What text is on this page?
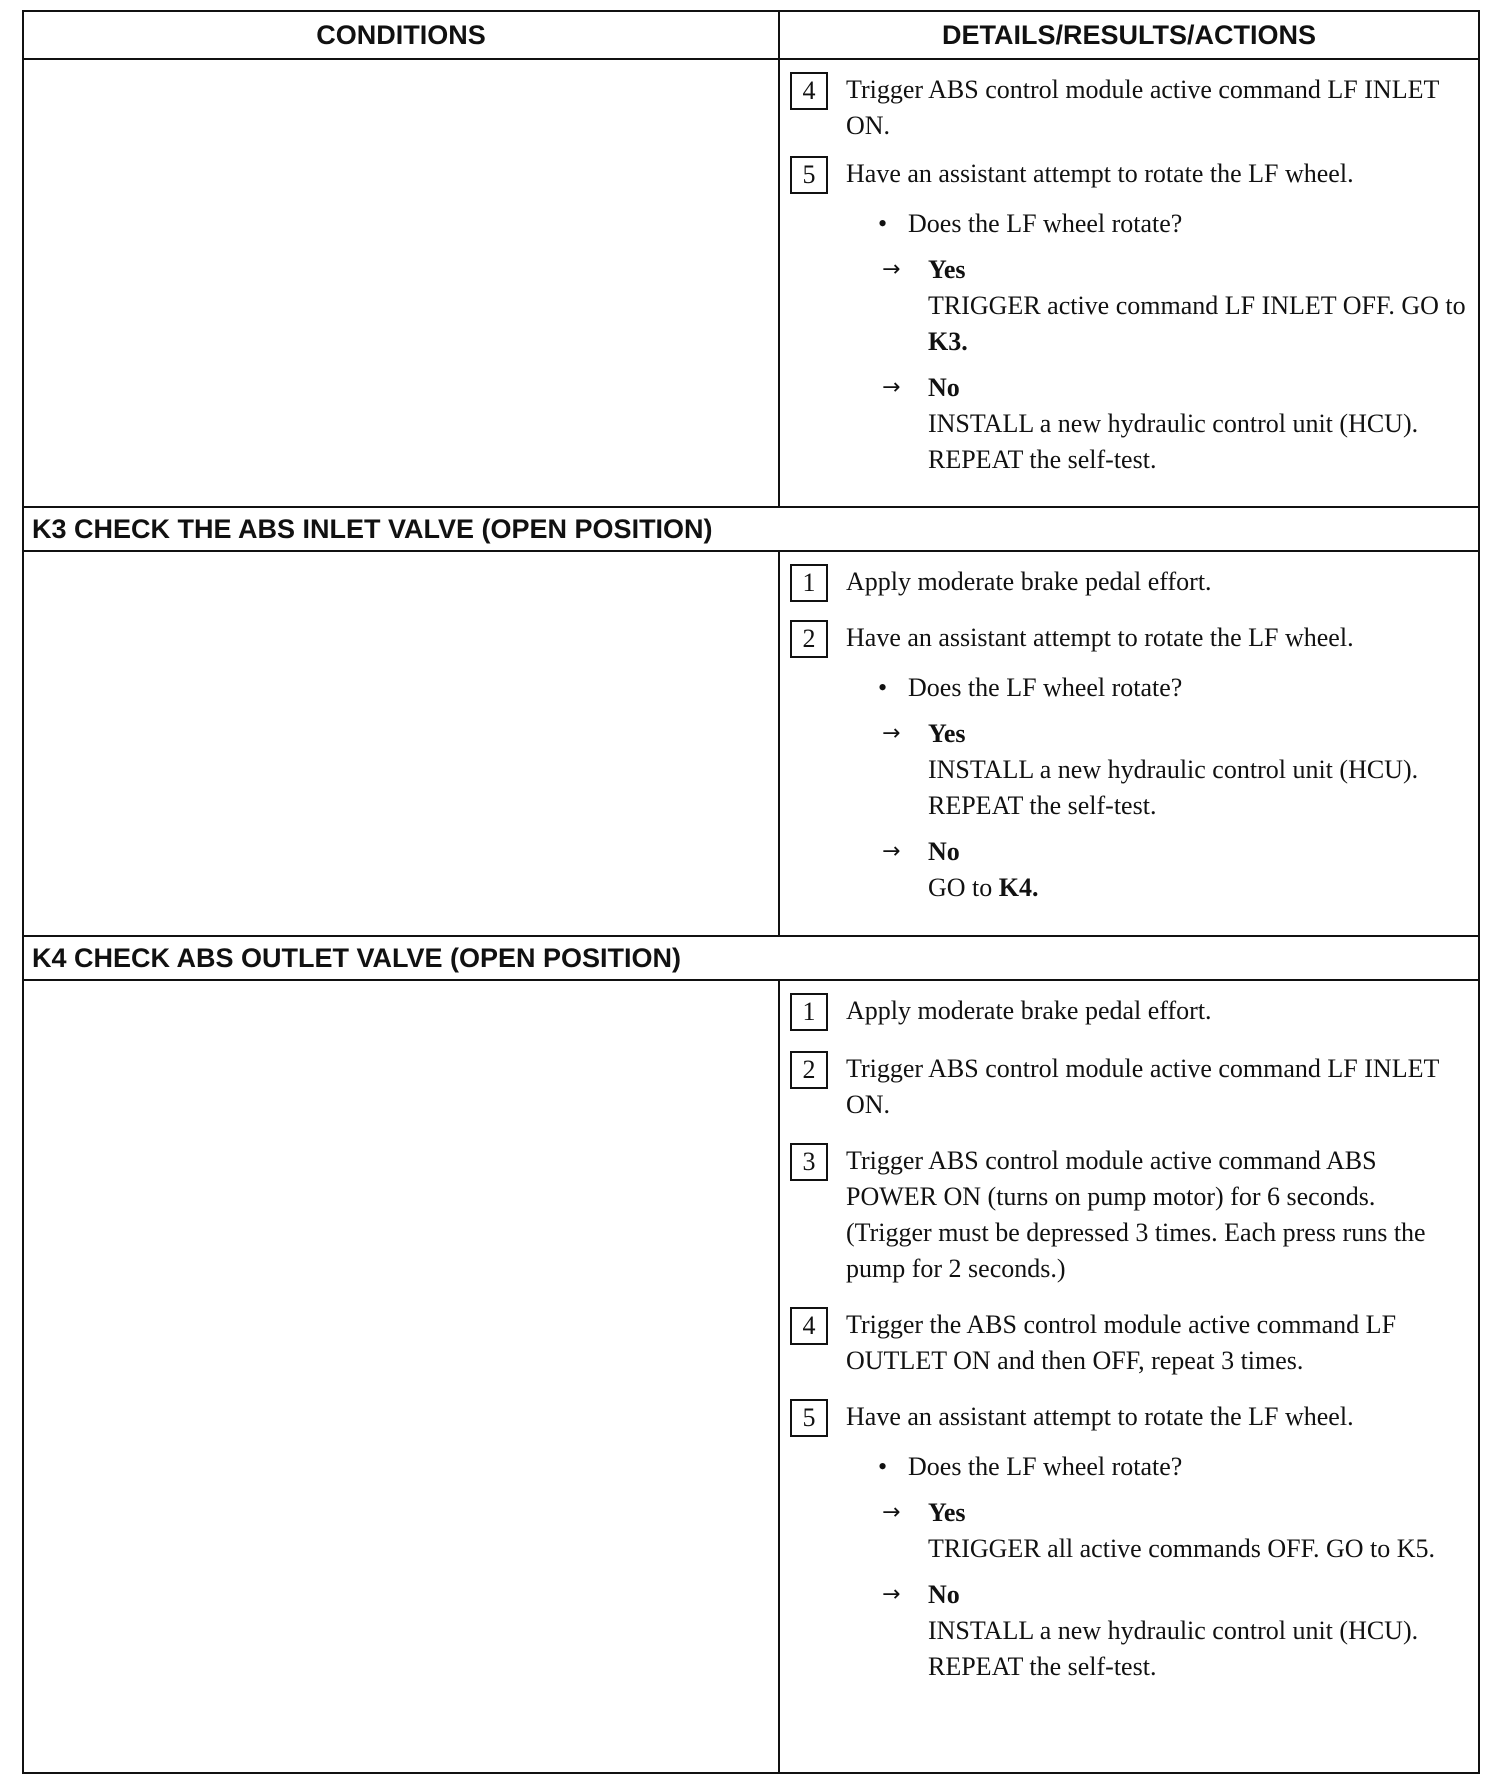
CONDITIONS	DETAILS/RESULTS/ACTIONS
4	Trigger ABS control module active command LF INLET ON.
5	Have an assistant attempt to rotate the LF wheel.
• Does the LF wheel rotate?
→	Yes
TRIGGER active command LF INLET OFF. GO to K3.
→	No
INSTALL a new hydraulic control unit (HCU). REPEAT the self-test.
K3 CHECK THE ABS INLET VALVE (OPEN POSITION)
1	Apply moderate brake pedal effort.
2	Have an assistant attempt to rotate the LF wheel.
• Does the LF wheel rotate?
→	Yes
INSTALL a new hydraulic control unit (HCU). REPEAT the self-test.
→	No
GO to K4.
K4 CHECK ABS OUTLET VALVE (OPEN POSITION)
1	Apply moderate brake pedal effort.
2	Trigger ABS control module active command LF INLET ON.
3	Trigger ABS control module active command ABS POWER ON (turns on pump motor) for 6 seconds. (Trigger must be depressed 3 times. Each press runs the pump for 2 seconds.)
4	Trigger the ABS control module active command LF OUTLET ON and then OFF, repeat 3 times.
5	Have an assistant attempt to rotate the LF wheel.
• Does the LF wheel rotate?
→	Yes
TRIGGER all active commands OFF. GO to K5.
→	No
INSTALL a new hydraulic control unit (HCU). REPEAT the self-test.
